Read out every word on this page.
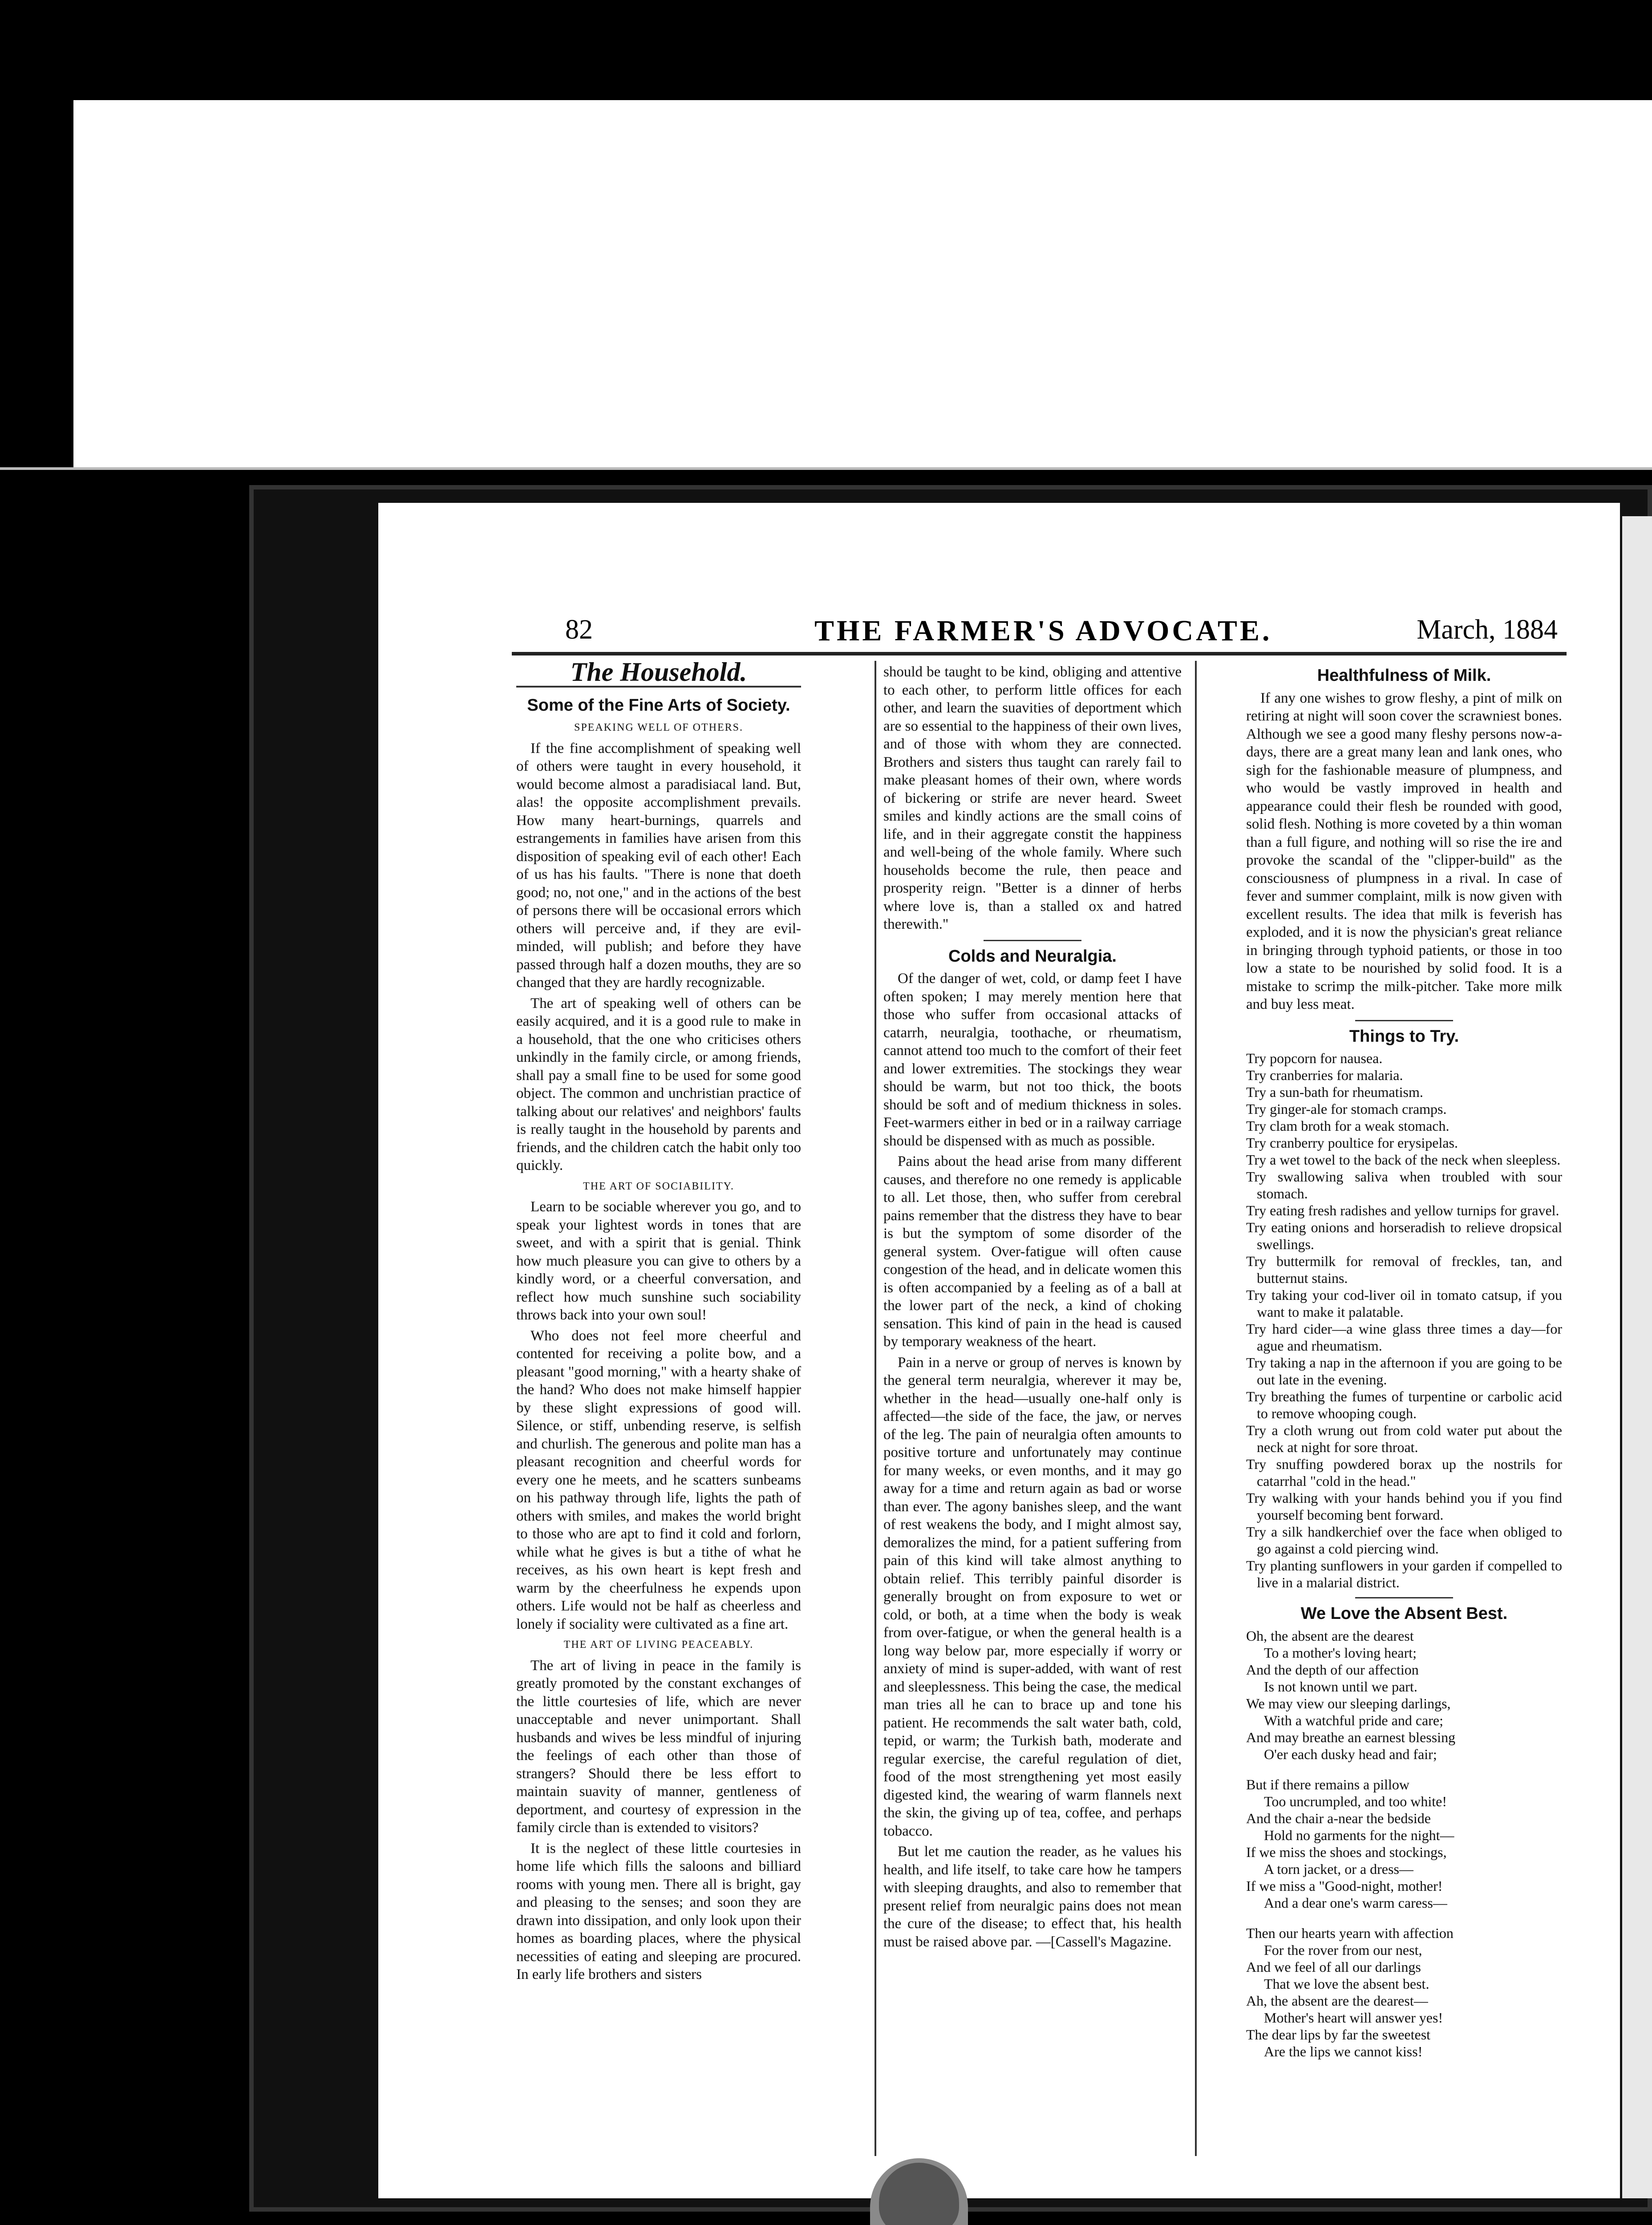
82	THE FARMER'S ADVOCATE.	March, 1884
The Household.
Some of the Fine Arts of Society.
SPEAKING WELL OF OTHERS.

If the fine accomplishment of speaking well of others were taught in every household, it would become almost a paradisiacal land. But, alas! the opposite accomplishment prevails. How many heart-burnings, quarrels and estrangements in families have arisen from this disposition of speaking evil of each other! Each of us has his faults. "There is none that doeth good; no, not one," and in the actions of the best of persons there will be occasional errors which others will perceive and, if they are evil-minded, will publish; and before they have passed through half a dozen mouths, they are so changed that they are hardly recognizable.

The art of speaking well of others can be easily acquired, and it is a good rule to make in a household, that the one who criticises others unkindly in the family circle, or among friends, shall pay a small fine to be used for some good object. The common and unchristian practice of talking about our relatives' and neighbors' faults is really taught in the household by parents and friends, and the children catch the habit only too quickly.

THE ART OF SOCIABILITY.

Learn to be sociable wherever you go, and to speak your lightest words in tones that are sweet, and with a spirit that is genial. Think how much pleasure you can give to others by a kindly word, or a cheerful conversation, and reflect how much sunshine such sociability throws back into your own soul!

Who does not feel more cheerful and contented for receiving a polite bow, and a pleasant "good morning," with a hearty shake of the hand? Who does not make himself happier by these slight expressions of good will. Silence, or stiff, unbending reserve, is selfish and churlish. The generous and polite man has a pleasant recognition and cheerful words for every one he meets, and he scatters sunbeams on his pathway through life, lights the path of others with smiles, and makes the world bright to those who are apt to find it cold and forlorn, while what he gives is but a tithe of what he receives, as his own heart is kept fresh and warm by the cheerfulness he expends upon others. Life would not be half as cheerless and lonely if sociality were cultivated as a fine art.

THE ART OF LIVING PEACEABLY.

The art of living in peace in the family is greatly promoted by the constant exchanges of the little courtesies of life, which are never unacceptable and never unimportant. Shall husbands and wives be less mindful of injuring the feelings of each other than those of strangers? Should there be less effort to maintain suavity of manner, gentleness of deportment, and courtesy of expression in the family circle than is extended to visitors?

It is the neglect of these little courtesies in home life which fills the saloons and billiard rooms with young men. There all is bright, gay and pleasing to the senses; and soon they are drawn into dissipation, and only look upon their homes as boarding places, where the physical necessities of eating and sleeping are procured. In early life brothers and sisters

should be taught to be kind, obliging and attentive to each other, to perform little offices for each other, and learn the suavities of deportment which are so essential to the happiness of their own lives, and of those with whom they are connected. Brothers and sisters thus taught can rarely fail to make pleasant homes of their own, where words of bickering or strife are never heard. Sweet smiles and kindly actions are the small coins of life, and in their aggregate constit the happiness and well-being of the whole family. Where such households become the rule, then peace and prosperity reign. "Better is a dinner of herbs where love is, than a stalled ox and hatred therewith."

Colds and Neuralgia.

Of the danger of wet, cold, or damp feet I have often spoken; I may merely mention here that those who suffer from occasional attacks of catarrh, neuralgia, toothache, or rheumatism, cannot attend too much to the comfort of their feet and lower extremities. The stockings they wear should be warm, but not too thick, the boots should be soft and of medium thickness in soles. Feet-warmers either in bed or in a railway carriage should be dispensed with as much as possible.

Pains about the head arise from many different causes, and therefore no one remedy is applicable to all. Let those, then, who suffer from cerebral pains remember that the distress they have to bear is but the symptom of some disorder of the general system. Over-fatigue will often cause congestion of the head, and in delicate women this is often accompanied by a feeling as of a ball at the lower part of the neck, a kind of choking sensation. This kind of pain in the head is caused by temporary weakness of the heart.

Pain in a nerve or group of nerves is known by the general term neuralgia, wherever it may be, whether in the head—usually one-half only is affected—the side of the face, the jaw, or nerves of the leg. The pain of neuralgia often amounts to positive torture and unfortunately may continue for many weeks, or even months, and it may go away for a time and return again as bad or worse than ever. The agony banishes sleep, and the want of rest weakens the body, and I might almost say, demoralizes the mind, for a patient suffering from pain of this kind will take almost anything to obtain relief. This terribly painful disorder is generally brought on from exposure to wet or cold, or both, at a time when the body is weak from over-fatigue, or when the general health is a long way below par, more especially if worry or anxiety of mind is super-added, with want of rest and sleeplessness. This being the case, the medical man tries all he can to brace up and tone his patient. He recommends the salt water bath, cold, tepid, or warm; the Turkish bath, moderate and regular exercise, the careful regulation of diet, food of the most strengthening yet most easily digested kind, the wearing of warm flannels next the skin, the giving up of tea, coffee, and perhaps tobacco.

But let me caution the reader, as he values his health, and life itself, to take care how he tampers with sleeping draughts, and also to remember that present relief from neuralgic pains does not mean the cure of the disease; to effect that, his health must be raised above par. —[Cassell's Magazine.

Healthfulness of Milk.

If any one wishes to grow fleshy, a pint of milk on retiring at night will soon cover the scrawniest bones. Although we see a good many fleshy persons now-a-days, there are a great many lean and lank ones, who sigh for the fashionable measure of plumpness, and who would be vastly improved in health and appearance could their flesh be rounded with good, solid flesh. Nothing is more coveted by a thin woman than a full figure, and nothing will so rise the ire and provoke the scandal of the "clipper-build" as the consciousness of plumpness in a rival. In case of fever and summer complaint, milk is now given with excellent results. The idea that milk is feverish has exploded, and it is now the physician's great reliance in bringing through typhoid patients, or those in too low a state to be nourished by solid food. It is a mistake to scrimp the milk-pitcher. Take more milk and buy less meat.

Things to Try.
Try popcorn for nausea.
Try cranberries for malaria.
Try a sun-bath for rheumatism.
Try ginger-ale for stomach cramps.
Try clam broth for a weak stomach.
Try cranberry poultice for erysipelas.
Try a wet towel to the back of the neck when sleepless.
Try swallowing saliva when troubled with sour stomach.
Try eating fresh radishes and yellow turnips for gravel.
Try eating onions and horseradish to relieve dropsical swellings.
Try buttermilk for removal of freckles, tan, and butternut stains.
Try taking your cod-liver oil in tomato catsup, if you want to make it palatable.
Try hard cider—a wine glass three times a day—for ague and rheumatism.
Try taking a nap in the afternoon if you are going to be out late in the evening.
Try breathing the fumes of turpentine or carbolic acid to remove whooping cough.
Try a cloth wrung out from cold water put about the neck at night for sore throat.
Try snuffing powdered borax up the nostrils for catarrhal "cold in the head."
Try walking with your hands behind you if you find yourself becoming bent forward.
Try a silk handkerchief over the face when obliged to go against a cold piercing wind.
Try planting sunflowers in your garden if compelled to live in a malarial district.
We Love the Absent Best.
Oh, the absent are the dearest
To a mother's loving heart;
And the depth of our affection
Is not known until we part.
We may view our sleeping darlings,
With a watchful pride and care;
And may breathe an earnest blessing
O'er each dusky head and fair;
But if there remains a pillow
Too uncrumpled, and too white!
And the chair a-near the bedside
Hold no garments for the night—
If we miss the shoes and stockings,
A torn jacket, or a dress—
If we miss a "Good-night, mother!
And a dear one's warm caress—
Then our hearts yearn with affection
For the rover from our nest,
And we feel of all our darlings
That we love the absent best.
Ah, the absent are the dearest—
Mother's heart will answer yes!
The dear lips by far the sweetest
Are the lips we cannot kiss!
